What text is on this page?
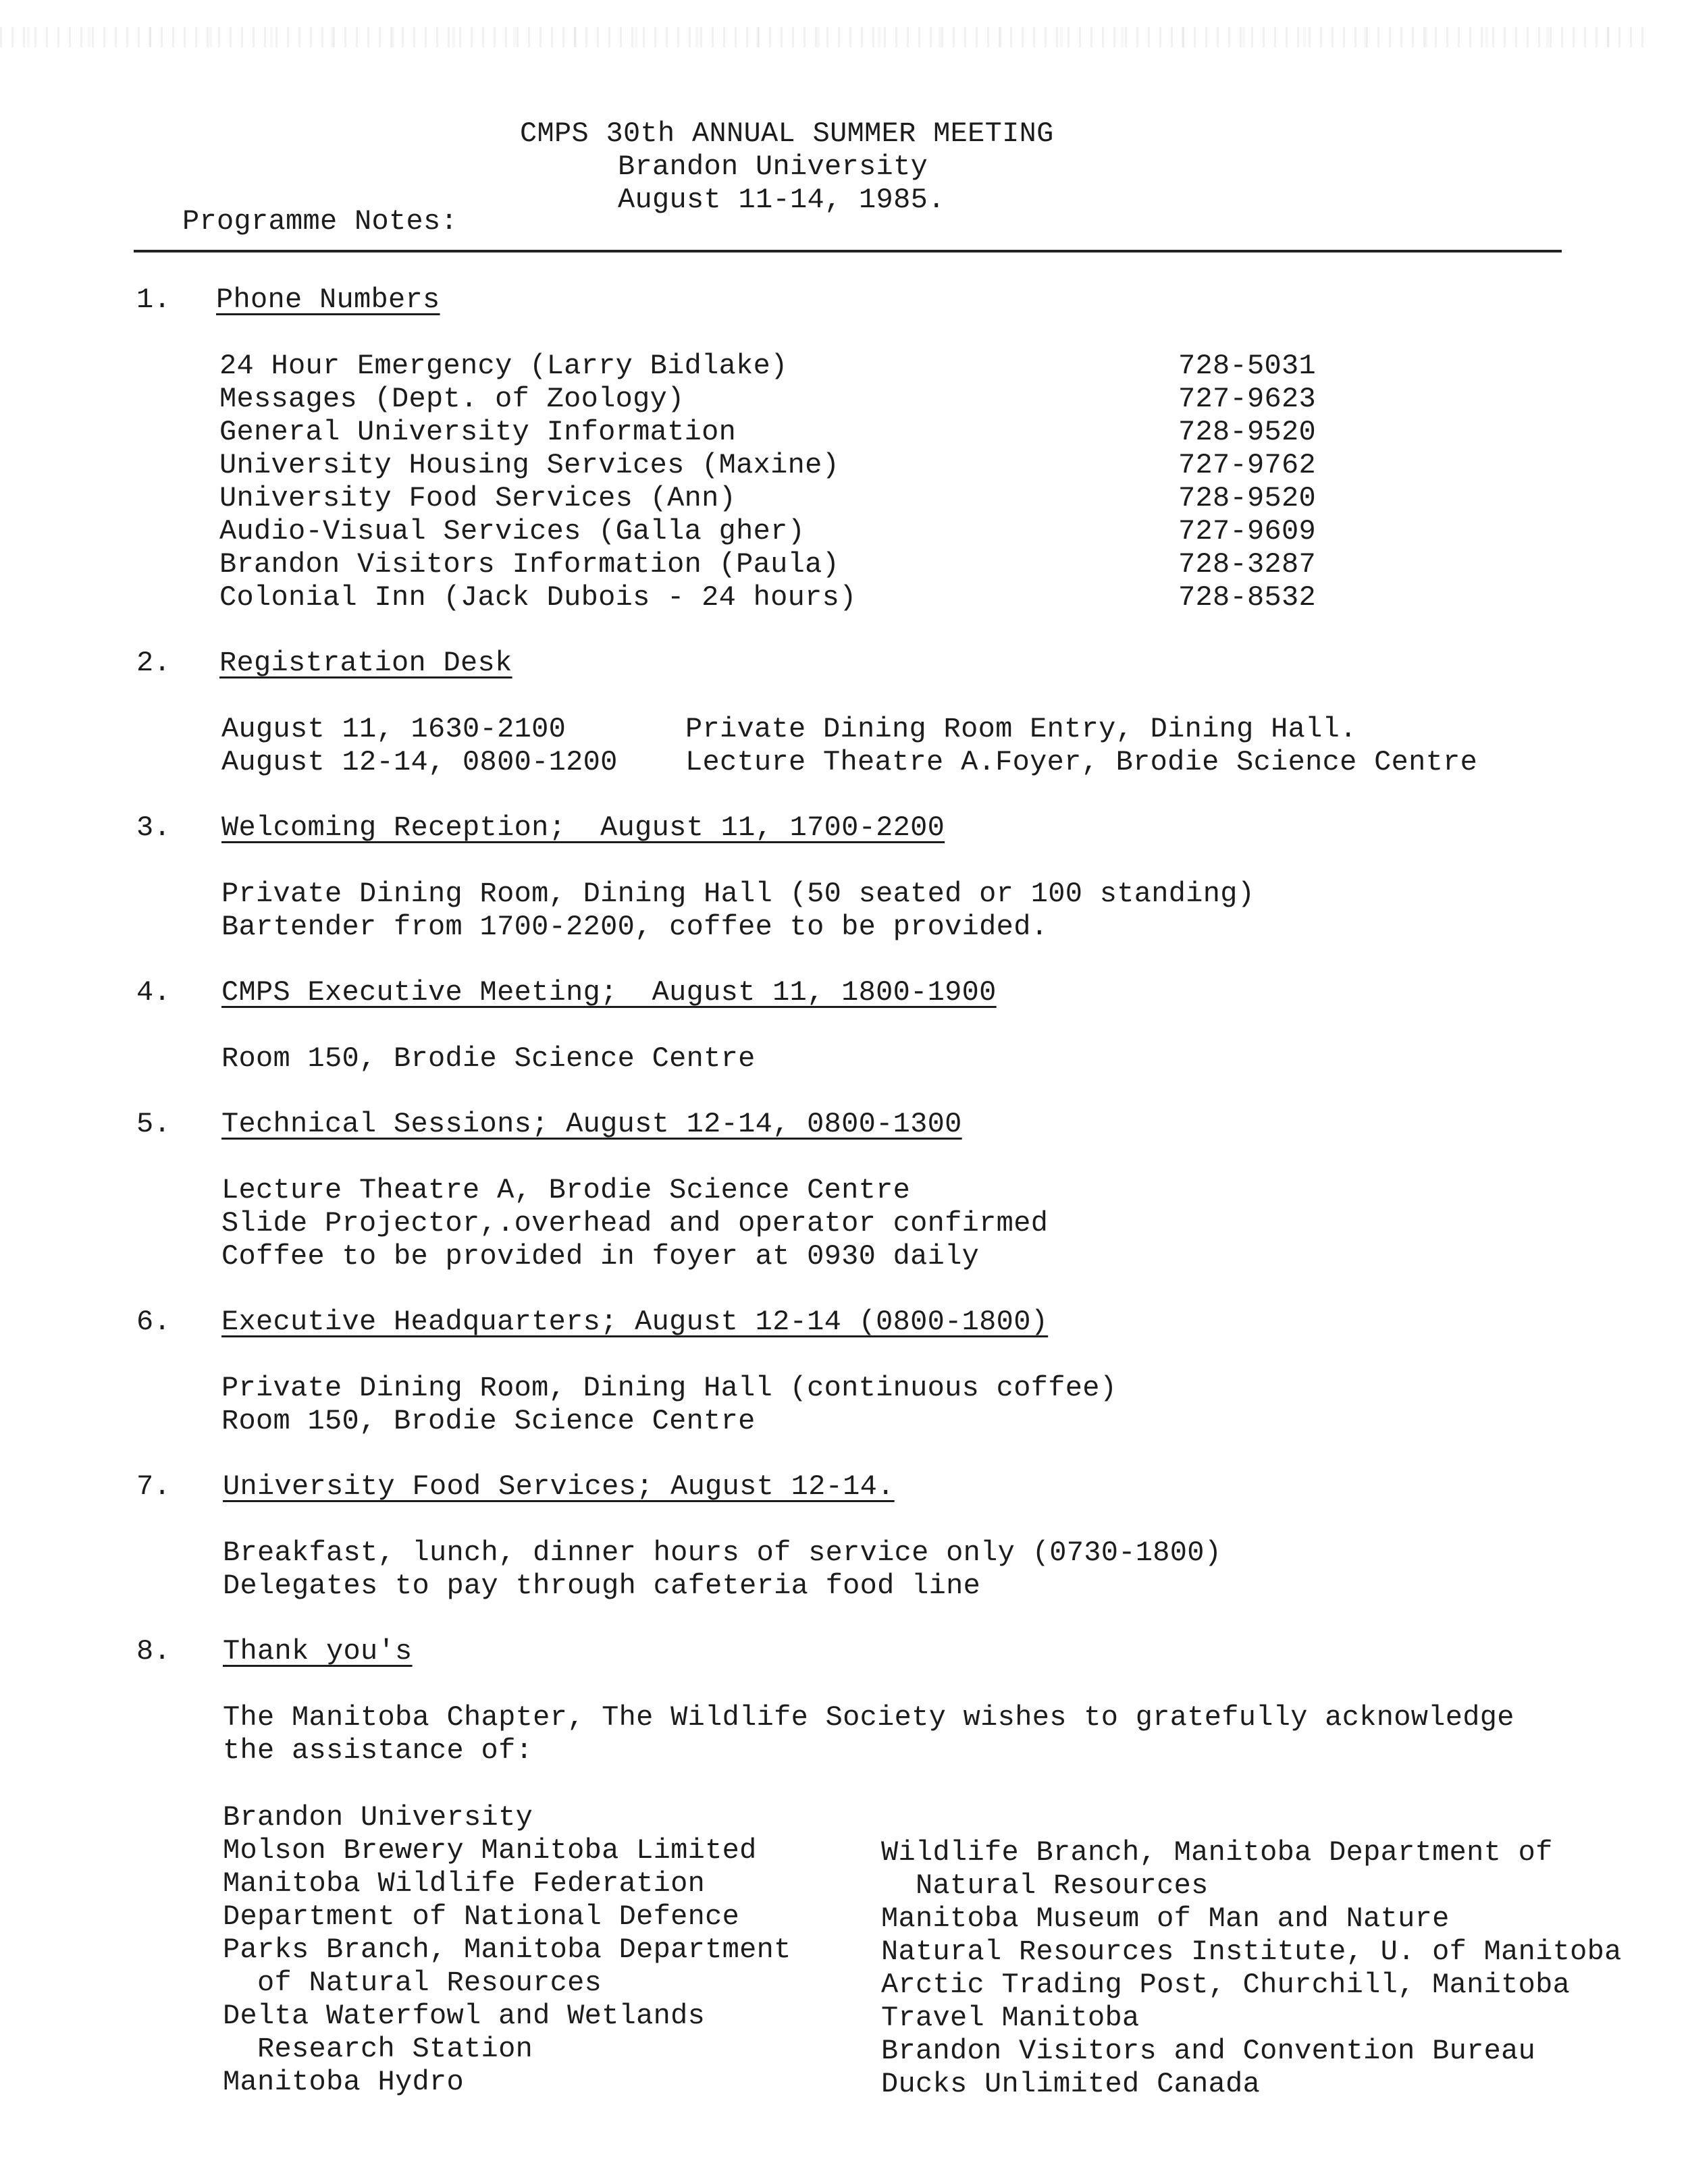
CMPS 30th ANNUAL SUMMER MEETING
Brandon University
August 11-14, 1985.
Programme Notes:
1. Phone Numbers
24 Hour Emergency (Larry Bidlake)	728-5031
Messages (Dept. of Zoology)	727-9623
General University Information	728-9520
University Housing Services (Maxine)	727-9762
University Food Services (Ann)	728-9520
Audio-Visual Services (Galla gher)	727-9609
Brandon Visitors Information (Paula)	728-3287
Colonial Inn (Jack Dubois - 24 hours)	728-8532
2. Registration Desk
August 11, 1630-2100	Private Dining Room Entry, Dining Hall.
August 12-14, 0800-1200 Lecture Theatre A.Foyer, Brodie Science Centre
3. Welcoming Reception;  August 11, 1700-2200
Private Dining Room, Dining Hall (50 seated or 100 standing)
Bartender from 1700-2200, coffee to be provided.
4. CMPS Executive Meeting;  August 11, 1800-1900
Room 150, Brodie Science Centre
5. Technical Sessions; August 12-14, 0800-1300
Lecture Theatre A, Brodie Science Centre
Slide Projector,.overhead and operator confirmed
Coffee to be provided in foyer at 0930 daily
6. Executive Headquarters; August 12-14 (0800-1800)
Private Dining Room, Dining Hall (continuous coffee)
Room 150, Brodie Science Centre
7. University Food Services; August 12-14.
Breakfast, lunch, dinner hours of service only (0730-1800)
Delegates to pay through cafeteria food line
8. Thank you's
The Manitoba Chapter, The Wildlife Society wishes to gratefully acknowledge
the assistance of:
Brandon University
Molson Brewery Manitoba Limited
Manitoba Wildlife Federation
Department of National Defence
Parks Branch, Manitoba Department
of Natural Resources
Delta Waterfowl and Wetlands
Research Station
Manitoba Hydro
Wildlife Branch, Manitoba Department of
Natural Resources
Manitoba Museum of Man and Nature
Natural Resources Institute, U. of Manitoba
Arctic Trading Post, Churchill, Manitoba
Travel Manitoba
Brandon Visitors and Convention Bureau
Ducks Unlimited Canada
